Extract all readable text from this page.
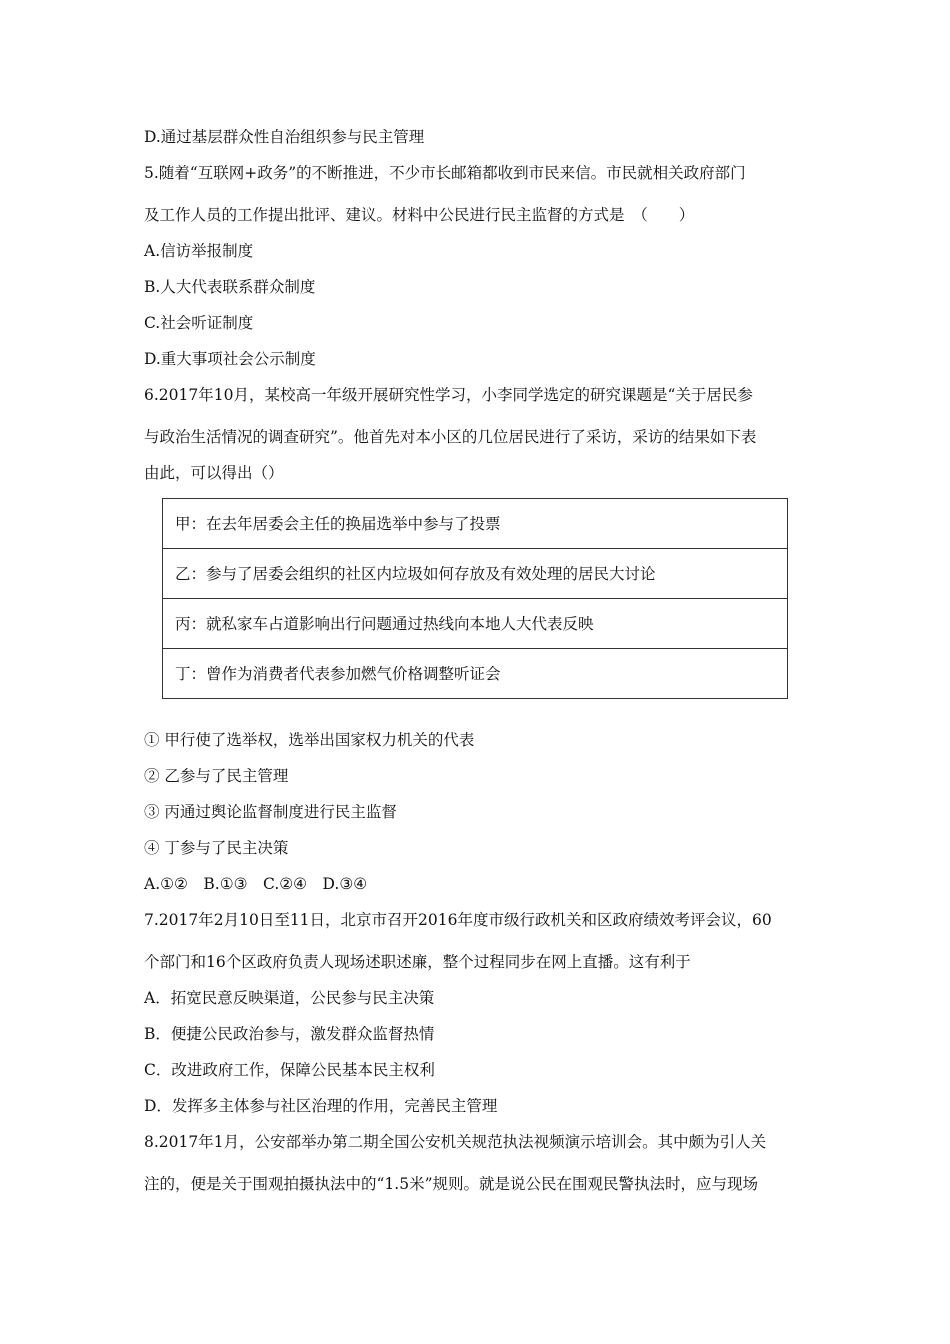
D.通过基层群众性自治组织参与民主管理
5.随着“互联网+政务”的不断推进，不少市长邮箱都收到市民来信。市民就相关政府部门
及工作人员的工作提出批评、建议。材料中公民进行民主监督的方式是　（　　）
A.信访举报制度
B.人大代表联系群众制度
C.社会听证制度
D.重大事项社会公示制度
6.2017年10月，某校高一年级开展研究性学习，小李同学选定的研究课题是“关于居民参
与政治生活情况的调查研究”。他首先对本小区的几位居民进行了采访，采访的结果如下表
由此，可以得出（）
甲：在去年居委会主任的换届选举中参与了投票
乙：参与了居委会组织的社区内垃圾如何存放及有效处理的居民大讨论
丙：就私家车占道影响出行问题通过热线向本地人大代表反映
丁：曾作为消费者代表参加燃气价格调整听证会
① 甲行使了选举权，选举出国家权力机关的代表
② 乙参与了民主管理
③ 丙通过舆论监督制度进行民主监督
④ 丁参与了民主决策
A.①②　B.①③　C.②④　D.③④
7.2017年2月10日至11日，北京市召开2016年度市级行政机关和区政府绩效考评会议，60
个部门和16个区政府负责人现场述职述廉，整个过程同步在网上直播。这有利于
A．拓宽民意反映渠道，公民参与民主决策
B．便捷公民政治参与，激发群众监督热情
C．改进政府工作，保障公民基本民主权利
D．发挥多主体参与社区治理的作用，完善民主管理
8.2017年1月，公安部举办第二期全国公安机关规范执法视频演示培训会。其中颇为引人关
注的，便是关于围观拍摄执法中的“1.5米”规则。就是说公民在围观民警执法时，应与现场
